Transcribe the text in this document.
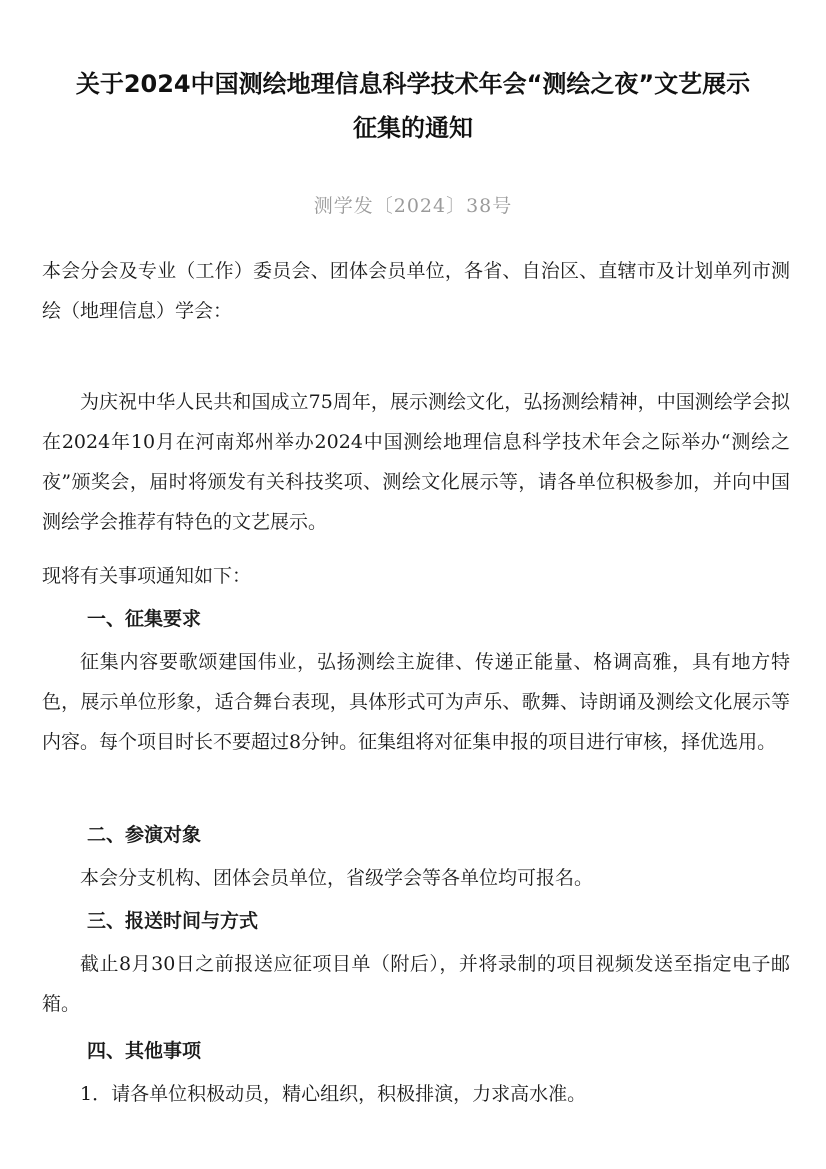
关于2024中国测绘地理信息科学技术年会“测绘之夜”文艺展示
征集的通知
测学发〔2024〕38号

本会分会及专业（工作）委员会、团体会员单位，各省、自治区、直辖市及计划单列市测绘（地理信息）学会：

为庆祝中华人民共和国成立75周年，展示测绘文化，弘扬测绘精神，中国测绘学会拟在2024年10月在河南郑州举办2024中国测绘地理信息科学技术年会之际举办“测绘之夜”颁奖会，届时将颁发有关科技奖项、测绘文化展示等，请各单位积极参加，并向中国测绘学会推荐有特色的文艺展示。

现将有关事项通知如下：

一、征集要求

征集内容要歌颂建国伟业，弘扬测绘主旋律、传递正能量、格调高雅，具有地方特色，展示单位形象，适合舞台表现，具体形式可为声乐、歌舞、诗朗诵及测绘文化展示等内容。每个项目时长不要超过8分钟。征集组将对征集申报的项目进行审核，择优选用。

二、参演对象

本会分支机构、团体会员单位，省级学会等各单位均可报名。

三、报送时间与方式

截止8月30日之前报送应征项目单（附后），并将录制的项目视频发送至指定电子邮箱。

四、其他事项

1．请各单位积极动员，精心组织，积极排演，力求高水准。
